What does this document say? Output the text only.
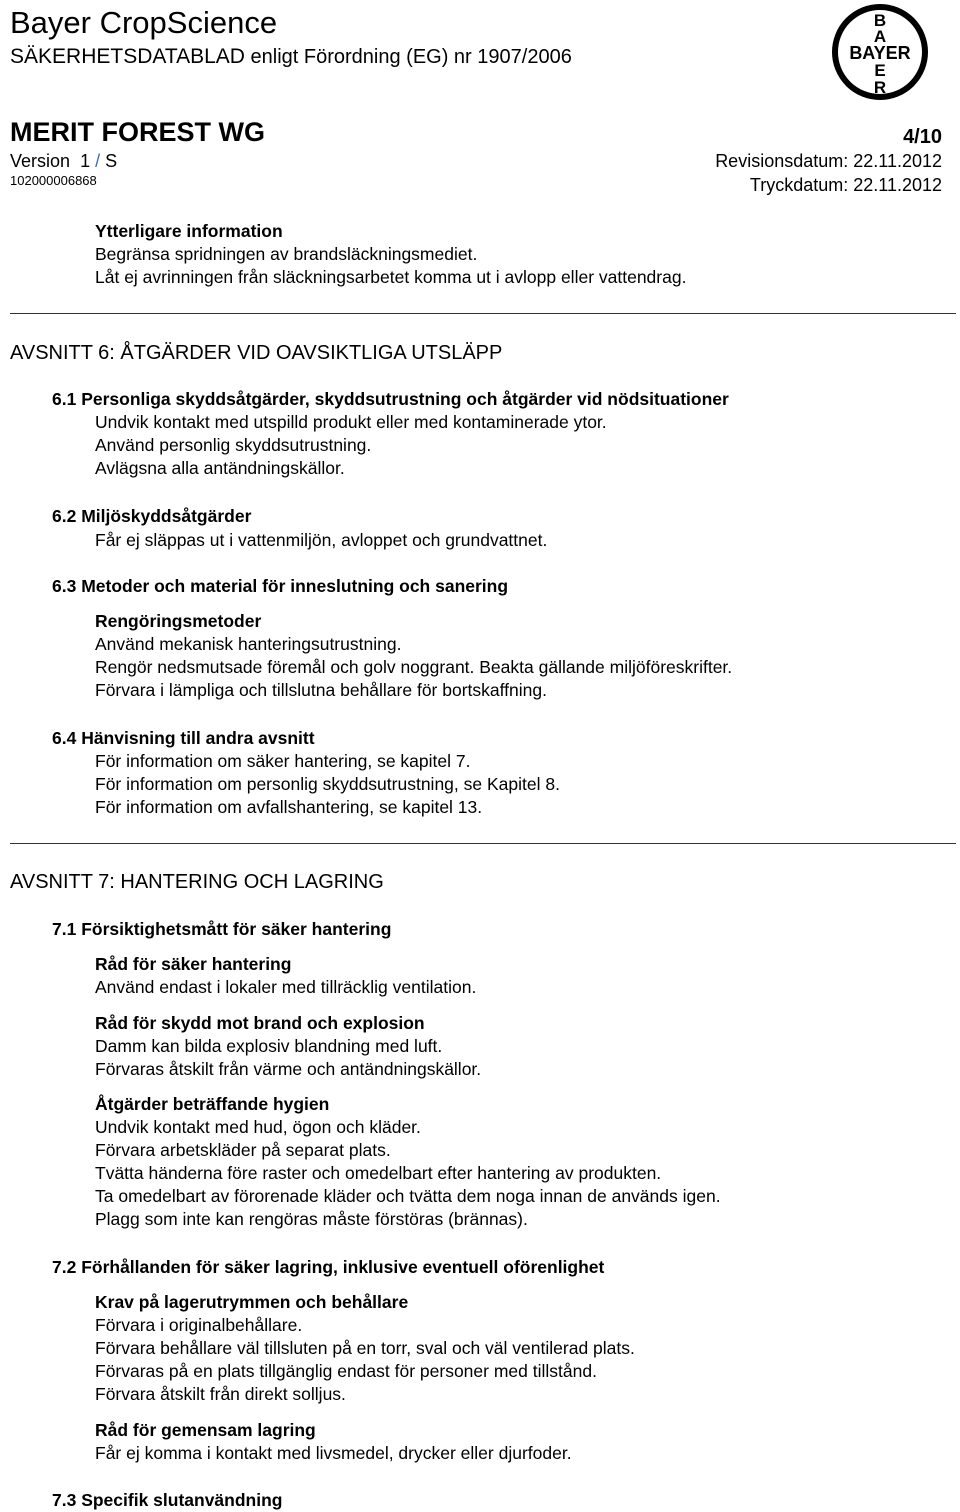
Bayer CropScience
SÄKERHETSDATABLAD enligt Förordning (EG) nr 1907/2006
B
A
BAYER
E
R
MERIT FOREST WG	4/10
Version 1 / S	Revisionsdatum: 22.11.2012
102000006868	Tryckdatum: 22.11.2012
Ytterligare information
Begränsa spridningen av brandsläckningsmediet.
Låt ej avrinningen från släckningsarbetet komma ut i avlopp eller vattendrag.
AVSNITT 6: ÅTGÄRDER VID OAVSIKTLIGA UTSLÄPP
6.1 Personliga skyddsåtgärder, skyddsutrustning och åtgärder vid nödsituationer
Undvik kontakt med utspilld produkt eller med kontaminerade ytor.
Använd personlig skyddsutrustning.
Avlägsna alla antändningskällor.
6.2 Miljöskyddsåtgärder
Får ej släppas ut i vattenmiljön, avloppet och grundvattnet.
6.3 Metoder och material för inneslutning och sanering
Rengöringsmetoder
Använd mekanisk hanteringsutrustning.
Rengör nedsmutsade föremål och golv noggrant. Beakta gällande miljöföreskrifter.
Förvara i lämpliga och tillslutna behållare för bortskaffning.
6.4 Hänvisning till andra avsnitt
För information om säker hantering, se kapitel 7.
För information om personlig skyddsutrustning, se Kapitel 8.
För information om avfallshantering, se kapitel 13.
AVSNITT 7: HANTERING OCH LAGRING
7.1 Försiktighetsmått för säker hantering
Råd för säker hantering
Använd endast i lokaler med tillräcklig ventilation.
Råd för skydd mot brand och explosion
Damm kan bilda explosiv blandning med luft.
Förvaras åtskilt från värme och antändningskällor.
Åtgärder beträffande hygien
Undvik kontakt med hud, ögon och kläder.
Förvara arbetskläder på separat plats.
Tvätta händerna före raster och omedelbart efter hantering av produkten.
Ta omedelbart av förorenade kläder och tvätta dem noga innan de används igen.
Plagg som inte kan rengöras måste förstöras (brännas).
7.2 Förhållanden för säker lagring, inklusive eventuell oförenlighet
Krav på lagerutrymmen och behållare
Förvara i originalbehållare.
Förvara behållare väl tillsluten på en torr, sval och väl ventilerad plats.
Förvaras på en plats tillgänglig endast för personer med tillstånd.
Förvara åtskilt från direkt solljus.
Råd för gemensam lagring
Får ej komma i kontakt med livsmedel, drycker eller djurfoder.
7.3 Specifik slutanvändning
